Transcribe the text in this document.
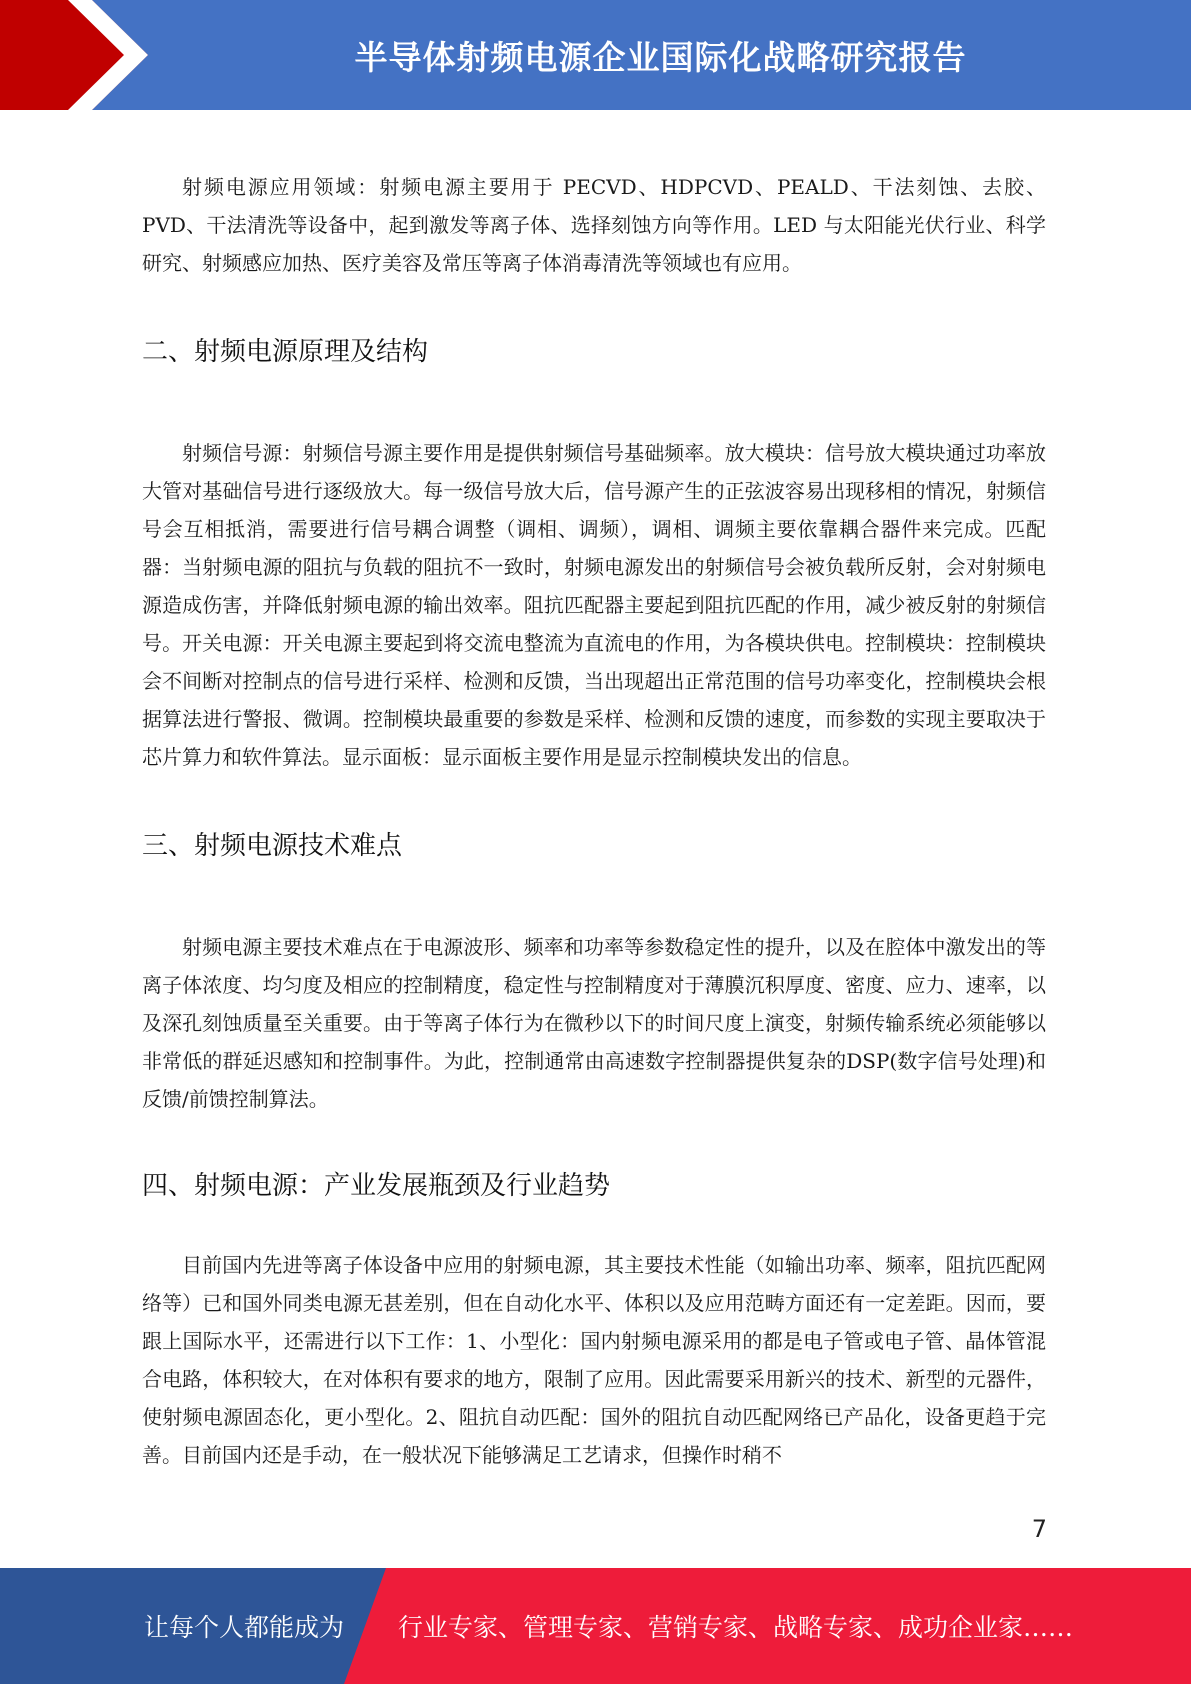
半导体射频电源企业国际化战略研究报告

射频电源应用领域：射频电源主要用于 PECVD、HDPCVD、PEALD、干法刻蚀、去胶、PVD、干法清洗等设备中，起到激发等离子体、选择刻蚀方向等作用。LED 与太阳能光伏行业、科学研究、射频感应加热、医疗美容及常压等离子体消毒清洗等领域也有应用。

二、射频电源原理及结构

射频信号源：射频信号源主要作用是提供射频信号基础频率。放大模块：信号放大模块通过功率放大管对基础信号进行逐级放大。每一级信号放大后，信号源产生的正弦波容易出现移相的情况，射频信号会互相抵消，需要进行信号耦合调整（调相、调频），调相、调频主要依靠耦合器件来完成。匹配器：当射频电源的阻抗与负载的阻抗不一致时，射频电源发出的射频信号会被负载所反射，会对射频电源造成伤害，并降低射频电源的输出效率。阻抗匹配器主要起到阻抗匹配的作用，减少被反射的射频信号。开关电源：开关电源主要起到将交流电整流为直流电的作用，为各模块供电。控制模块：控制模块会不间断对控制点的信号进行采样、检测和反馈，当出现超出正常范围的信号功率变化，控制模块会根据算法进行警报、微调。控制模块最重要的参数是采样、检测和反馈的速度，而参数的实现主要取决于芯片算力和软件算法。显示面板：显示面板主要作用是显示控制模块发出的信息。

三、射频电源技术难点

射频电源主要技术难点在于电源波形、频率和功率等参数稳定性的提升，以及在腔体中激发出的等离子体浓度、均匀度及相应的控制精度，稳定性与控制精度对于薄膜沉积厚度、密度、应力、速率，以及深孔刻蚀质量至关重要。由于等离子体行为在微秒以下的时间尺度上演变，射频传输系统必须能够以非常低的群延迟感知和控制事件。为此，控制通常由高速数字控制器提供复杂的DSP(数字信号处理)和反馈/前馈控制算法。

四、射频电源：产业发展瓶颈及行业趋势

目前国内先进等离子体设备中应用的射频电源，其主要技术性能（如输出功率、频率，阻抗匹配网络等）已和国外同类电源无甚差别，但在自动化水平、体积以及应用范畴方面还有一定差距。因而，要跟上国际水平，还需进行以下工作：1、小型化：国内射频电源采用的都是电子管或电子管、晶体管混合电路，体积较大，在对体积有要求的地方，限制了应用。因此需要采用新兴的技术、新型的元器件，使射频电源固态化，更小型化。2、阻抗自动匹配：国外的阻抗自动匹配网络已产品化，设备更趋于完善。目前国内还是手动，在一般状况下能够满足工艺请求，但操作时稍不

7
让每个人都能成为 行业专家、管理专家、营销专家、战略专家、成功企业家……
